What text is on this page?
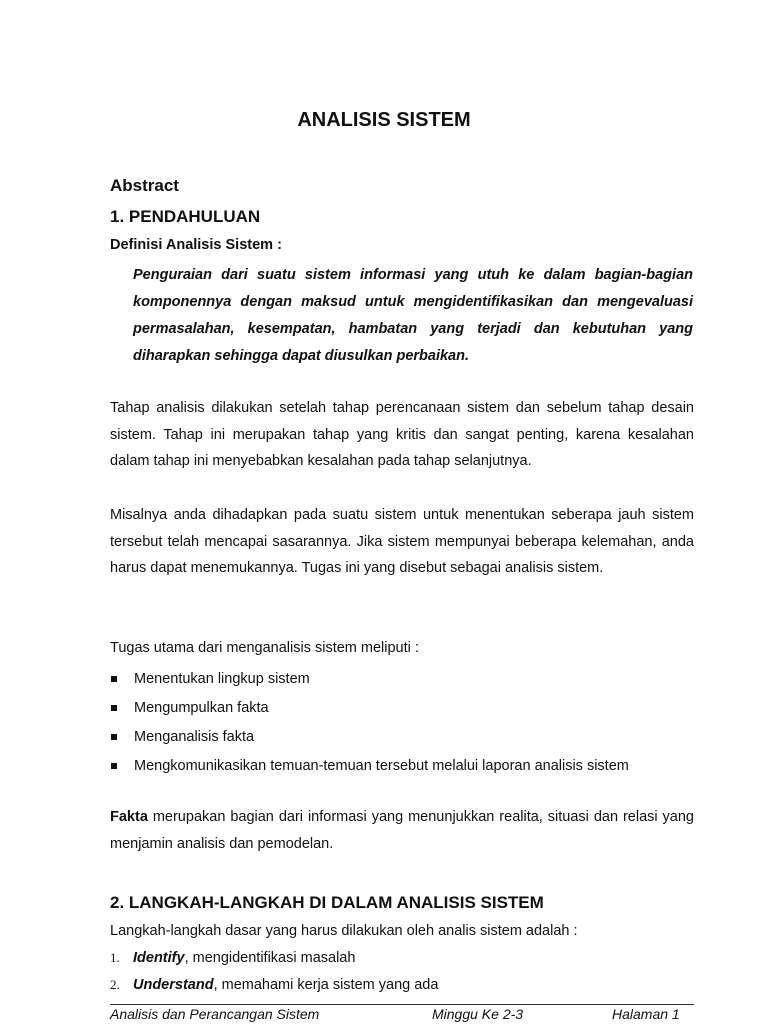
ANALISIS SISTEM
Abstract
1. PENDAHULUAN
Definisi Analisis Sistem :

Penguraian dari suatu sistem informasi yang utuh ke dalam bagian-bagian komponennya dengan maksud untuk mengidentifikasikan dan mengevaluasi permasalahan, kesempatan, hambatan yang terjadi dan kebutuhan yang diharapkan sehingga dapat diusulkan perbaikan.

Tahap analisis dilakukan setelah tahap perencanaan sistem dan sebelum tahap desain sistem. Tahap ini merupakan tahap yang kritis dan sangat penting, karena kesalahan dalam tahap ini menyebabkan kesalahan pada tahap selanjutnya.

Misalnya anda dihadapkan pada suatu sistem untuk menentukan seberapa jauh sistem tersebut telah mencapai sasarannya. Jika sistem mempunyai beberapa kelemahan, anda harus dapat menemukannya. Tugas ini yang disebut sebagai analisis sistem.

Tugas utama dari menganalisis sistem meliputi :

Menentukan lingkup sistem
Mengumpulkan fakta
Menganalisis fakta
Mengkomunikasikan temuan-temuan tersebut melalui laporan analisis sistem

Fakta merupakan bagian dari informasi yang menunjukkan realita, situasi dan relasi yang menjamin analisis dan pemodelan.

2. LANGKAH-LANGKAH DI DALAM ANALISIS SISTEM
Langkah-langkah dasar yang harus dilakukan oleh analis sistem adalah :
1. Identify, mengidentifikasi masalah
2. Understand, memahami kerja sistem yang ada
Analisis dan Perancangan Sistem	Minggu Ke 2-3	Halaman 1
